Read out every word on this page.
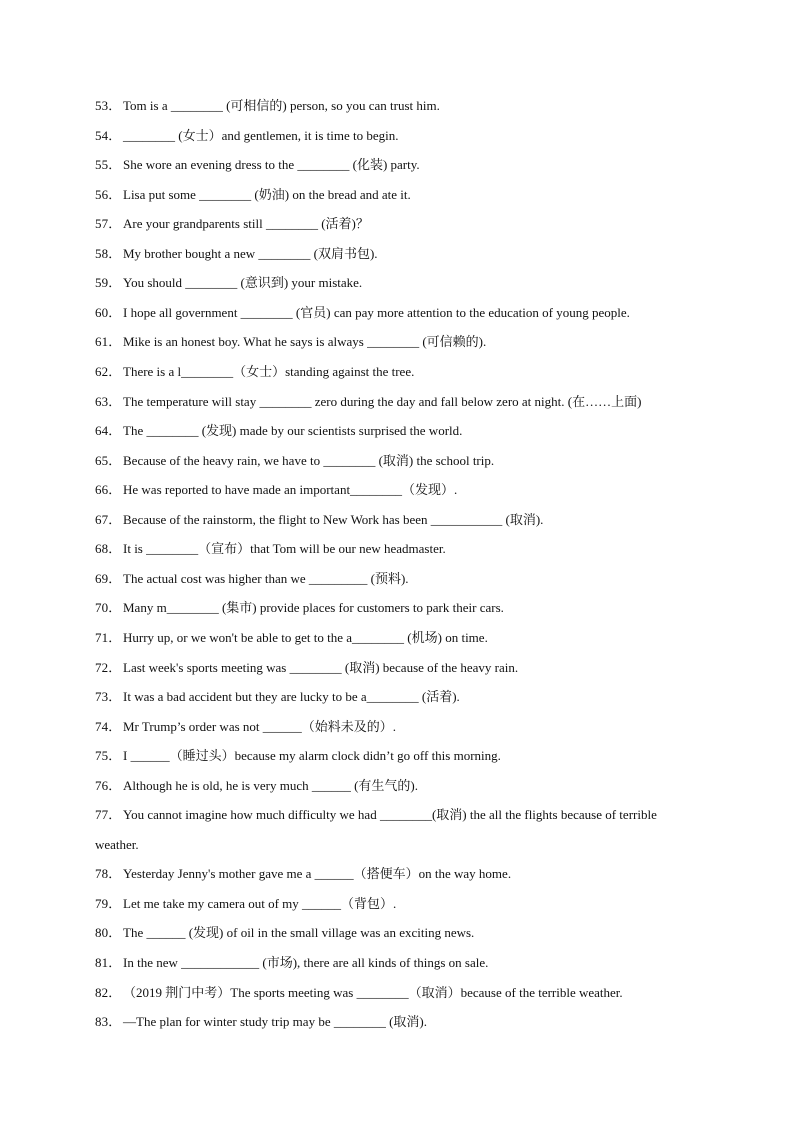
53． Tom is a ________ (可相信的) person, so you can trust him.
54． ________ (女士）and gentlemen, it is time to begin.
55． She wore an evening dress to the ________ (化装) party.
56． Lisa put some ________ (奶油) on the bread and ate it.
57． Are your grandparents still ________ (活着)？
58． My brother bought a new ________ (双肩书包).
59． You should ________ (意识到) your mistake.
60． I hope all government ________ (官员) can pay more attention to the education of young people.
61． Mike is an honest boy. What he says is always ________ (可信赖的).
62． There is a l________（女士）standing against the tree.
63． The temperature will stay ________ zero during the day and fall below zero at night. (在……上面)
64． The ________ (发现) made by our scientists surprised the world.
65． Because of the heavy rain, we have to ________ (取消) the school trip.
66． He was reported to have made an important________（发现）.
67． Because of the rainstorm, the flight to New Work has been ___________ (取消).
68． It is ________（宣布）that Tom will be our new headmaster.
69． The actual cost was higher than we _________ (预料).
70． Many m________ (集市) provide places for customers to park their cars.
71． Hurry up, or we won't be able to get to the a________ (机场) on time.
72． Last week's sports meeting was ________ (取消) because of the heavy rain.
73． It was a bad accident but they are lucky to be a________ (活着).
74． Mr Trump’s order was not ______（始料未及的）.
75． I ______（睡过头）because my alarm clock didn’t go off this morning.
76． Although he is old, he is very much ______ (有生气的).
77． You cannot imagine how much difficulty we had ________(取消) the all the flights because of terrible
weather.
78． Yesterday Jenny's mother gave me a ______（搭便车）on the way home.
79． Let me take my camera out of my ______（背包）.
80． The ______ (发现) of oil in the small village was an exciting news.
81． In the new ____________ (市场), there are all kinds of things on sale.
82． （2019 荆门中考）The sports meeting was ________（取消）because of the terrible weather.
83． —The plan for winter study trip may be ________ (取消).
